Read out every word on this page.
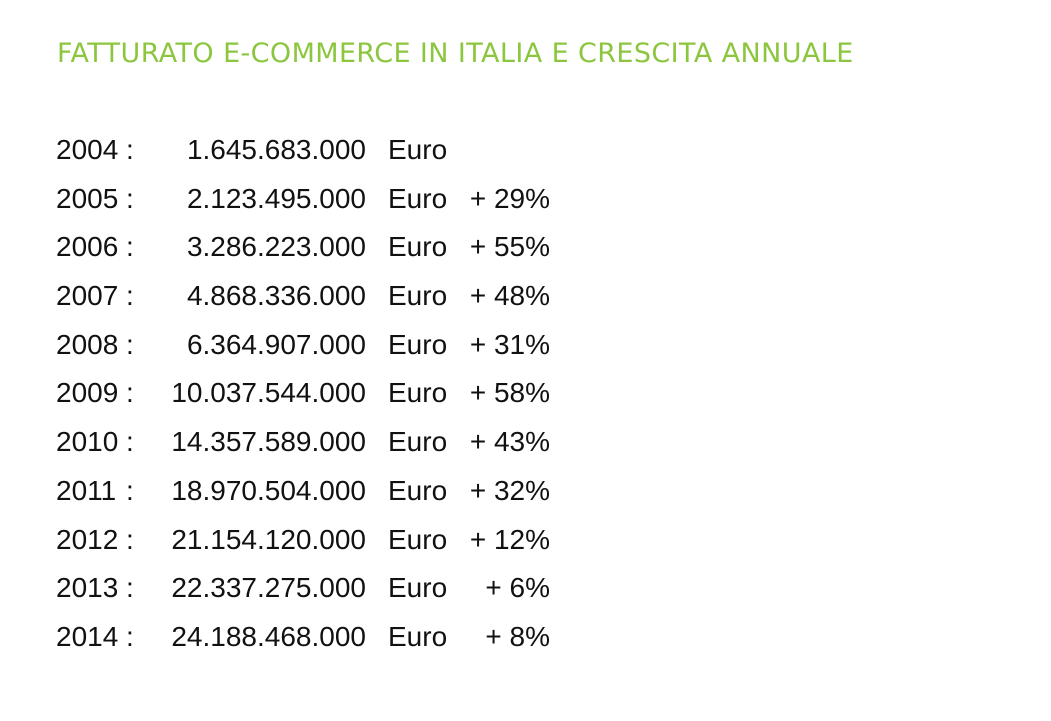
FATTURATO E-COMMERCE IN ITALIA E CRESCITA ANNUALE
2004 :	1.645.683.000 Euro
2005 :	2.123.495.000 Euro + 29%
2006 :	3.286.223.000 Euro + 55%
2007 :	4.868.336.000 Euro + 48%
2008 :	6.364.907.000 Euro + 31%
2009 :	10.037.544.000 Euro + 58%
2010 :	14.357.589.000 Euro + 43%
2011 :	18.970.504.000 Euro + 32%
2012 :	21.154.120.000 Euro + 12%
2013 :	22.337.275.000 Euro	+ 6%
2014 :	24.188.468.000 Euro	+ 8%
